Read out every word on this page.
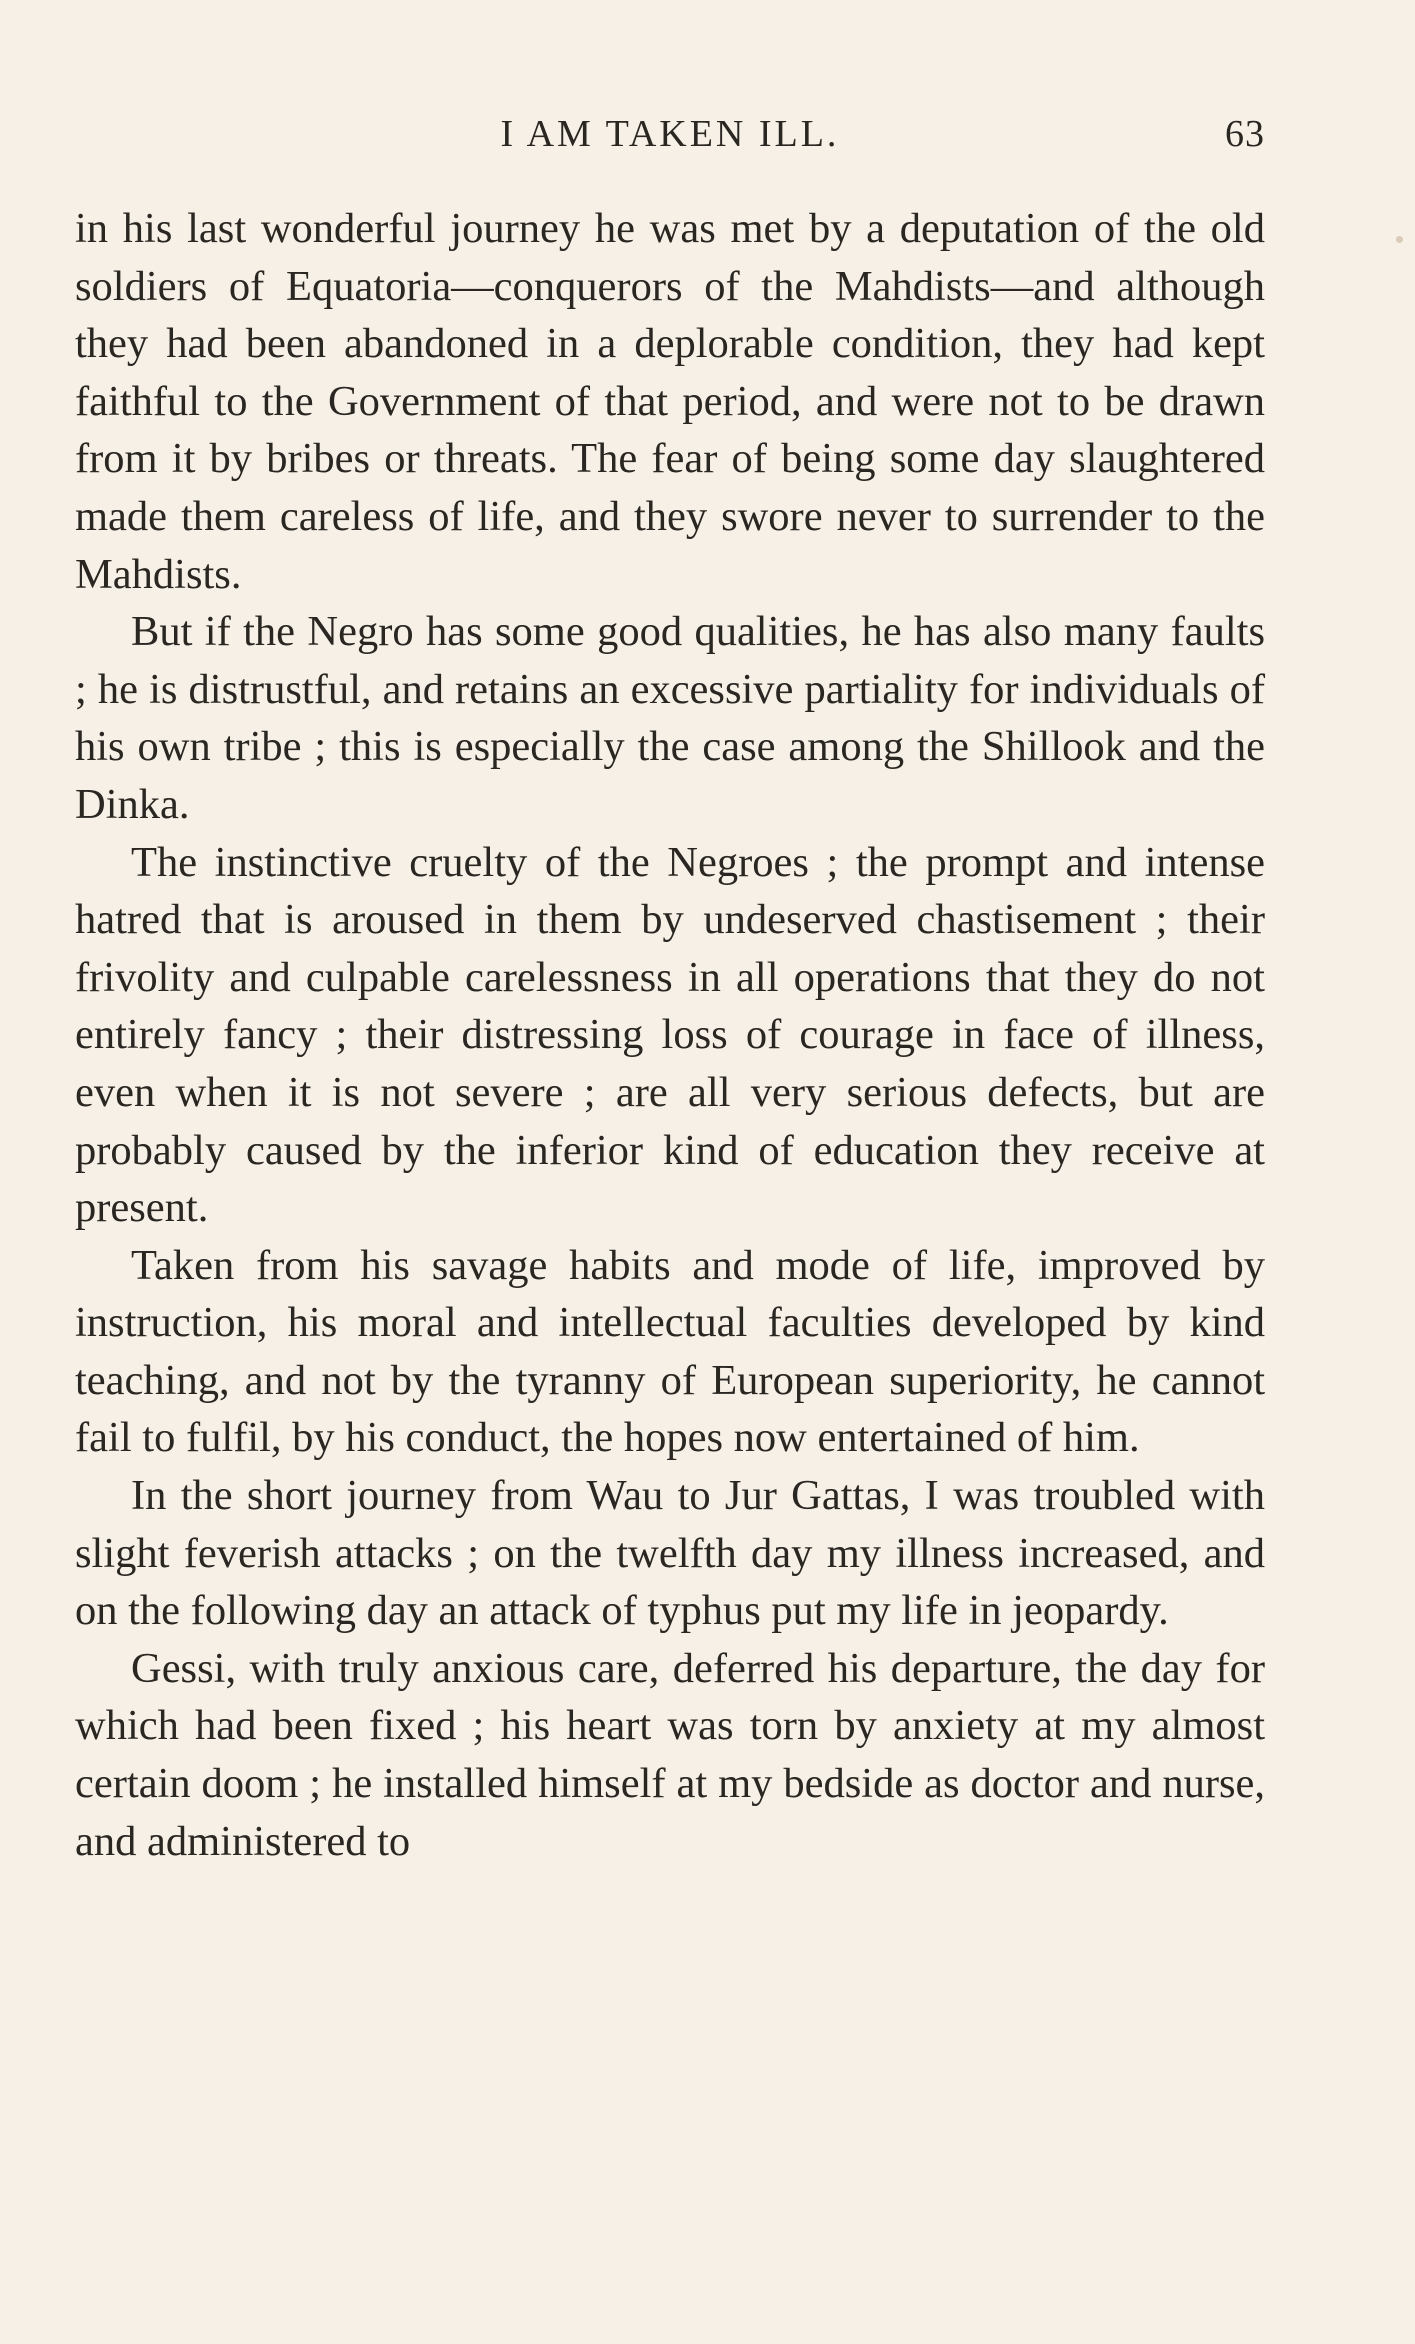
I AM TAKEN ILL.	63

in his last wonderful journey he was met by a deputation of the old soldiers of Equatoria—conquerors of the Mahdists—and although they had been abandoned in a deplorable condition, they had kept faithful to the Government of that period, and were not to be drawn from it by bribes or threats. The fear of being some day slaughtered made them careless of life, and they swore never to surrender to the Mahdists.

But if the Negro has some good qualities, he has also many faults ; he is distrustful, and retains an excessive partiality for individuals of his own tribe ; this is especially the case among the Shillook and the Dinka.

The instinctive cruelty of the Negroes ; the prompt and intense hatred that is aroused in them by undeserved chastisement ; their frivolity and culpable carelessness in all operations that they do not entirely fancy ; their distressing loss of courage in face of illness, even when it is not severe ; are all very serious defects, but are probably caused by the inferior kind of education they receive at present.

Taken from his savage habits and mode of life, improved by instruction, his moral and intellectual faculties developed by kind teaching, and not by the tyranny of European superiority, he cannot fail to fulfil, by his conduct, the hopes now entertained of him.

In the short journey from Wau to Jur Gattas, I was troubled with slight feverish attacks ; on the twelfth day my illness increased, and on the following day an attack of typhus put my life in jeopardy.

Gessi, with truly anxious care, deferred his departure, the day for which had been fixed ; his heart was torn by anxiety at my almost certain doom ; he installed himself at my bedside as doctor and nurse, and administered to
